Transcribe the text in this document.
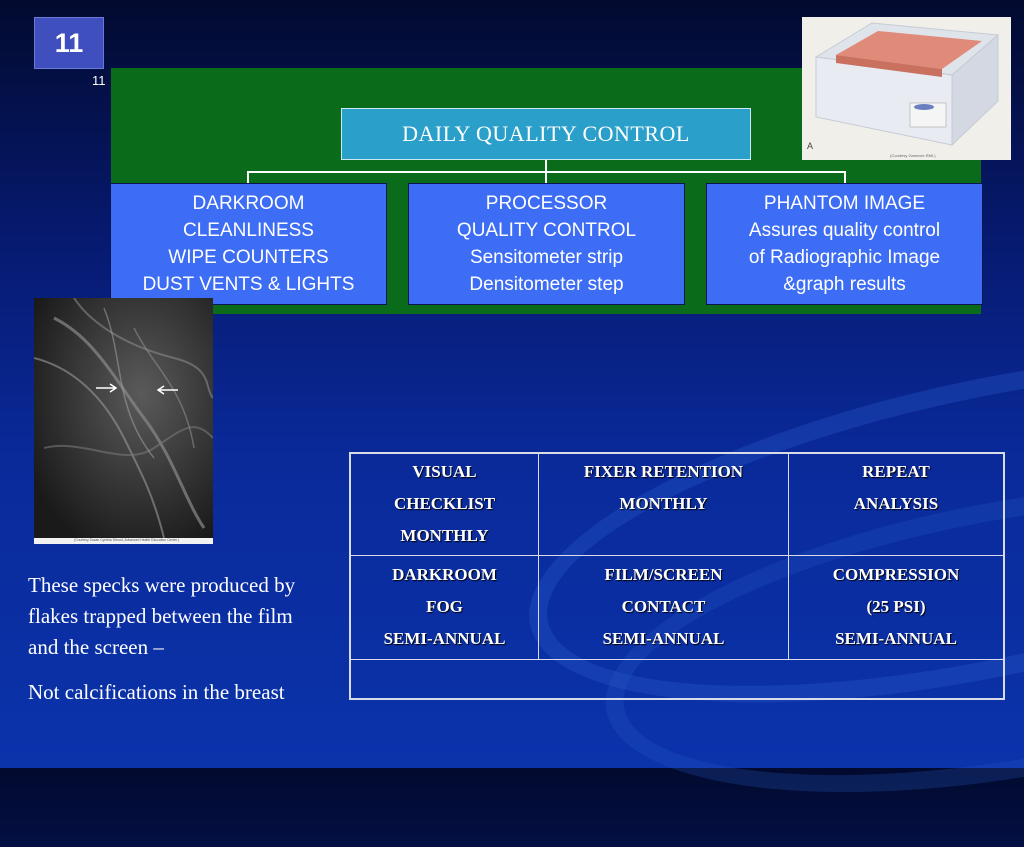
11
11
DAILY QUALITY CONTROL
DARKROOM
CLEANLINESS
WIPE COUNTERS
DUST VENTS & LIGHTS
PROCESSOR
QUALITY CONTROL
Sensitometer strip
Densitometer step
PHANTOM IMAGE
Assures quality control
of Radiographic Image
&graph results
A
(Courtesy Gammex RMI.)
(Courtesy Susan Cynthia Stroud, Advanced Health Education Center.)
These specks were produced by flakes trapped between the film and the screen –
Not calcifications in the breast
VISUAL
CHECKLIST
MONTHLY
FIXER RETENTION
MONTHLY
REPEAT
ANALYSIS
DARKROOM
FOG
SEMI-ANNUAL
FILM/SCREEN
CONTACT
SEMI-ANNUAL
COMPRESSION
(25 PSI)
SEMI-ANNUAL
